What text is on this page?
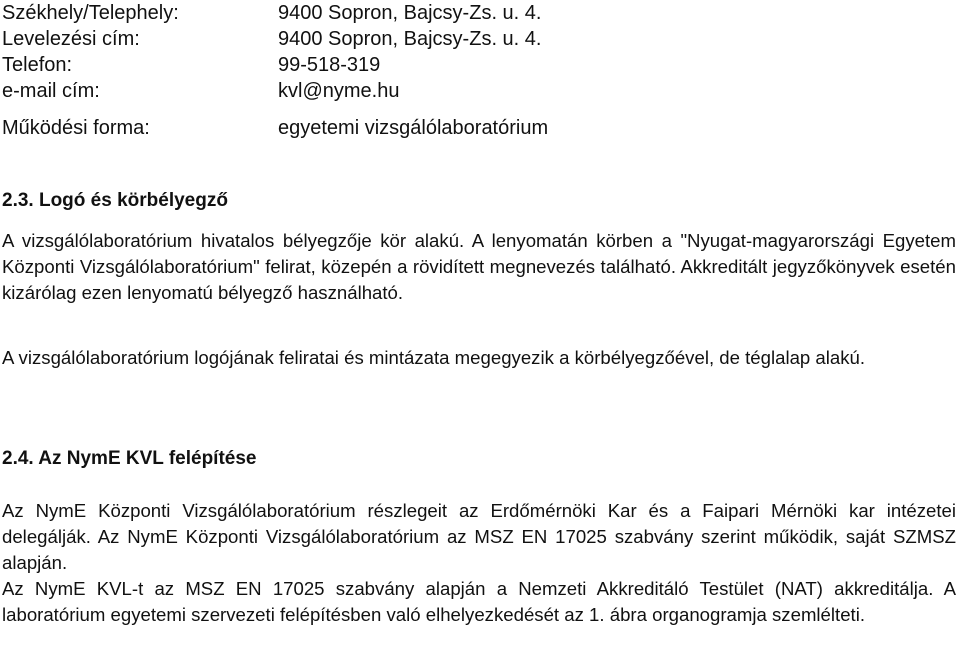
Székhely/Telephely:	9400 Sopron, Bajcsy-Zs. u. 4.
Levelezési cím:	9400 Sopron, Bajcsy-Zs. u. 4.
Telefon:	99-518-319
e-mail cím:	kvl@nyme.hu
Működési forma:	egyetemi vizsgálólaboratórium
2.3. Logó és körbélyegző
A vizsgálólaboratórium hivatalos bélyegzője kör alakú. A lenyomatán körben a "Nyugat-magyarországi Egyetem Központi Vizsgálólaboratórium" felirat, közepén a rövidített megnevezés található. Akkreditált jegyzőkönyvek esetén kizárólag ezen lenyomatú bélyegző használható.
A vizsgálólaboratórium logójának feliratai és mintázata megegyezik a körbélyegzőével, de téglalap alakú.
2.4. Az NymE KVL felépítése
Az NymE Központi Vizsgálólaboratórium részlegeit az Erdőmérnöki Kar és a Faipari Mérnöki kar intézetei delegálják. Az NymE Központi Vizsgálólaboratórium az MSZ EN 17025 szabvány szerint működik, saját SZMSZ alapján.
Az NymE KVL-t az MSZ EN 17025 szabvány alapján a Nemzeti Akkreditáló Testület (NAT) akkreditálja. A laboratórium egyetemi szervezeti felépítésben való elhelyezkedését az 1. ábra organogramja szemlélteti.
